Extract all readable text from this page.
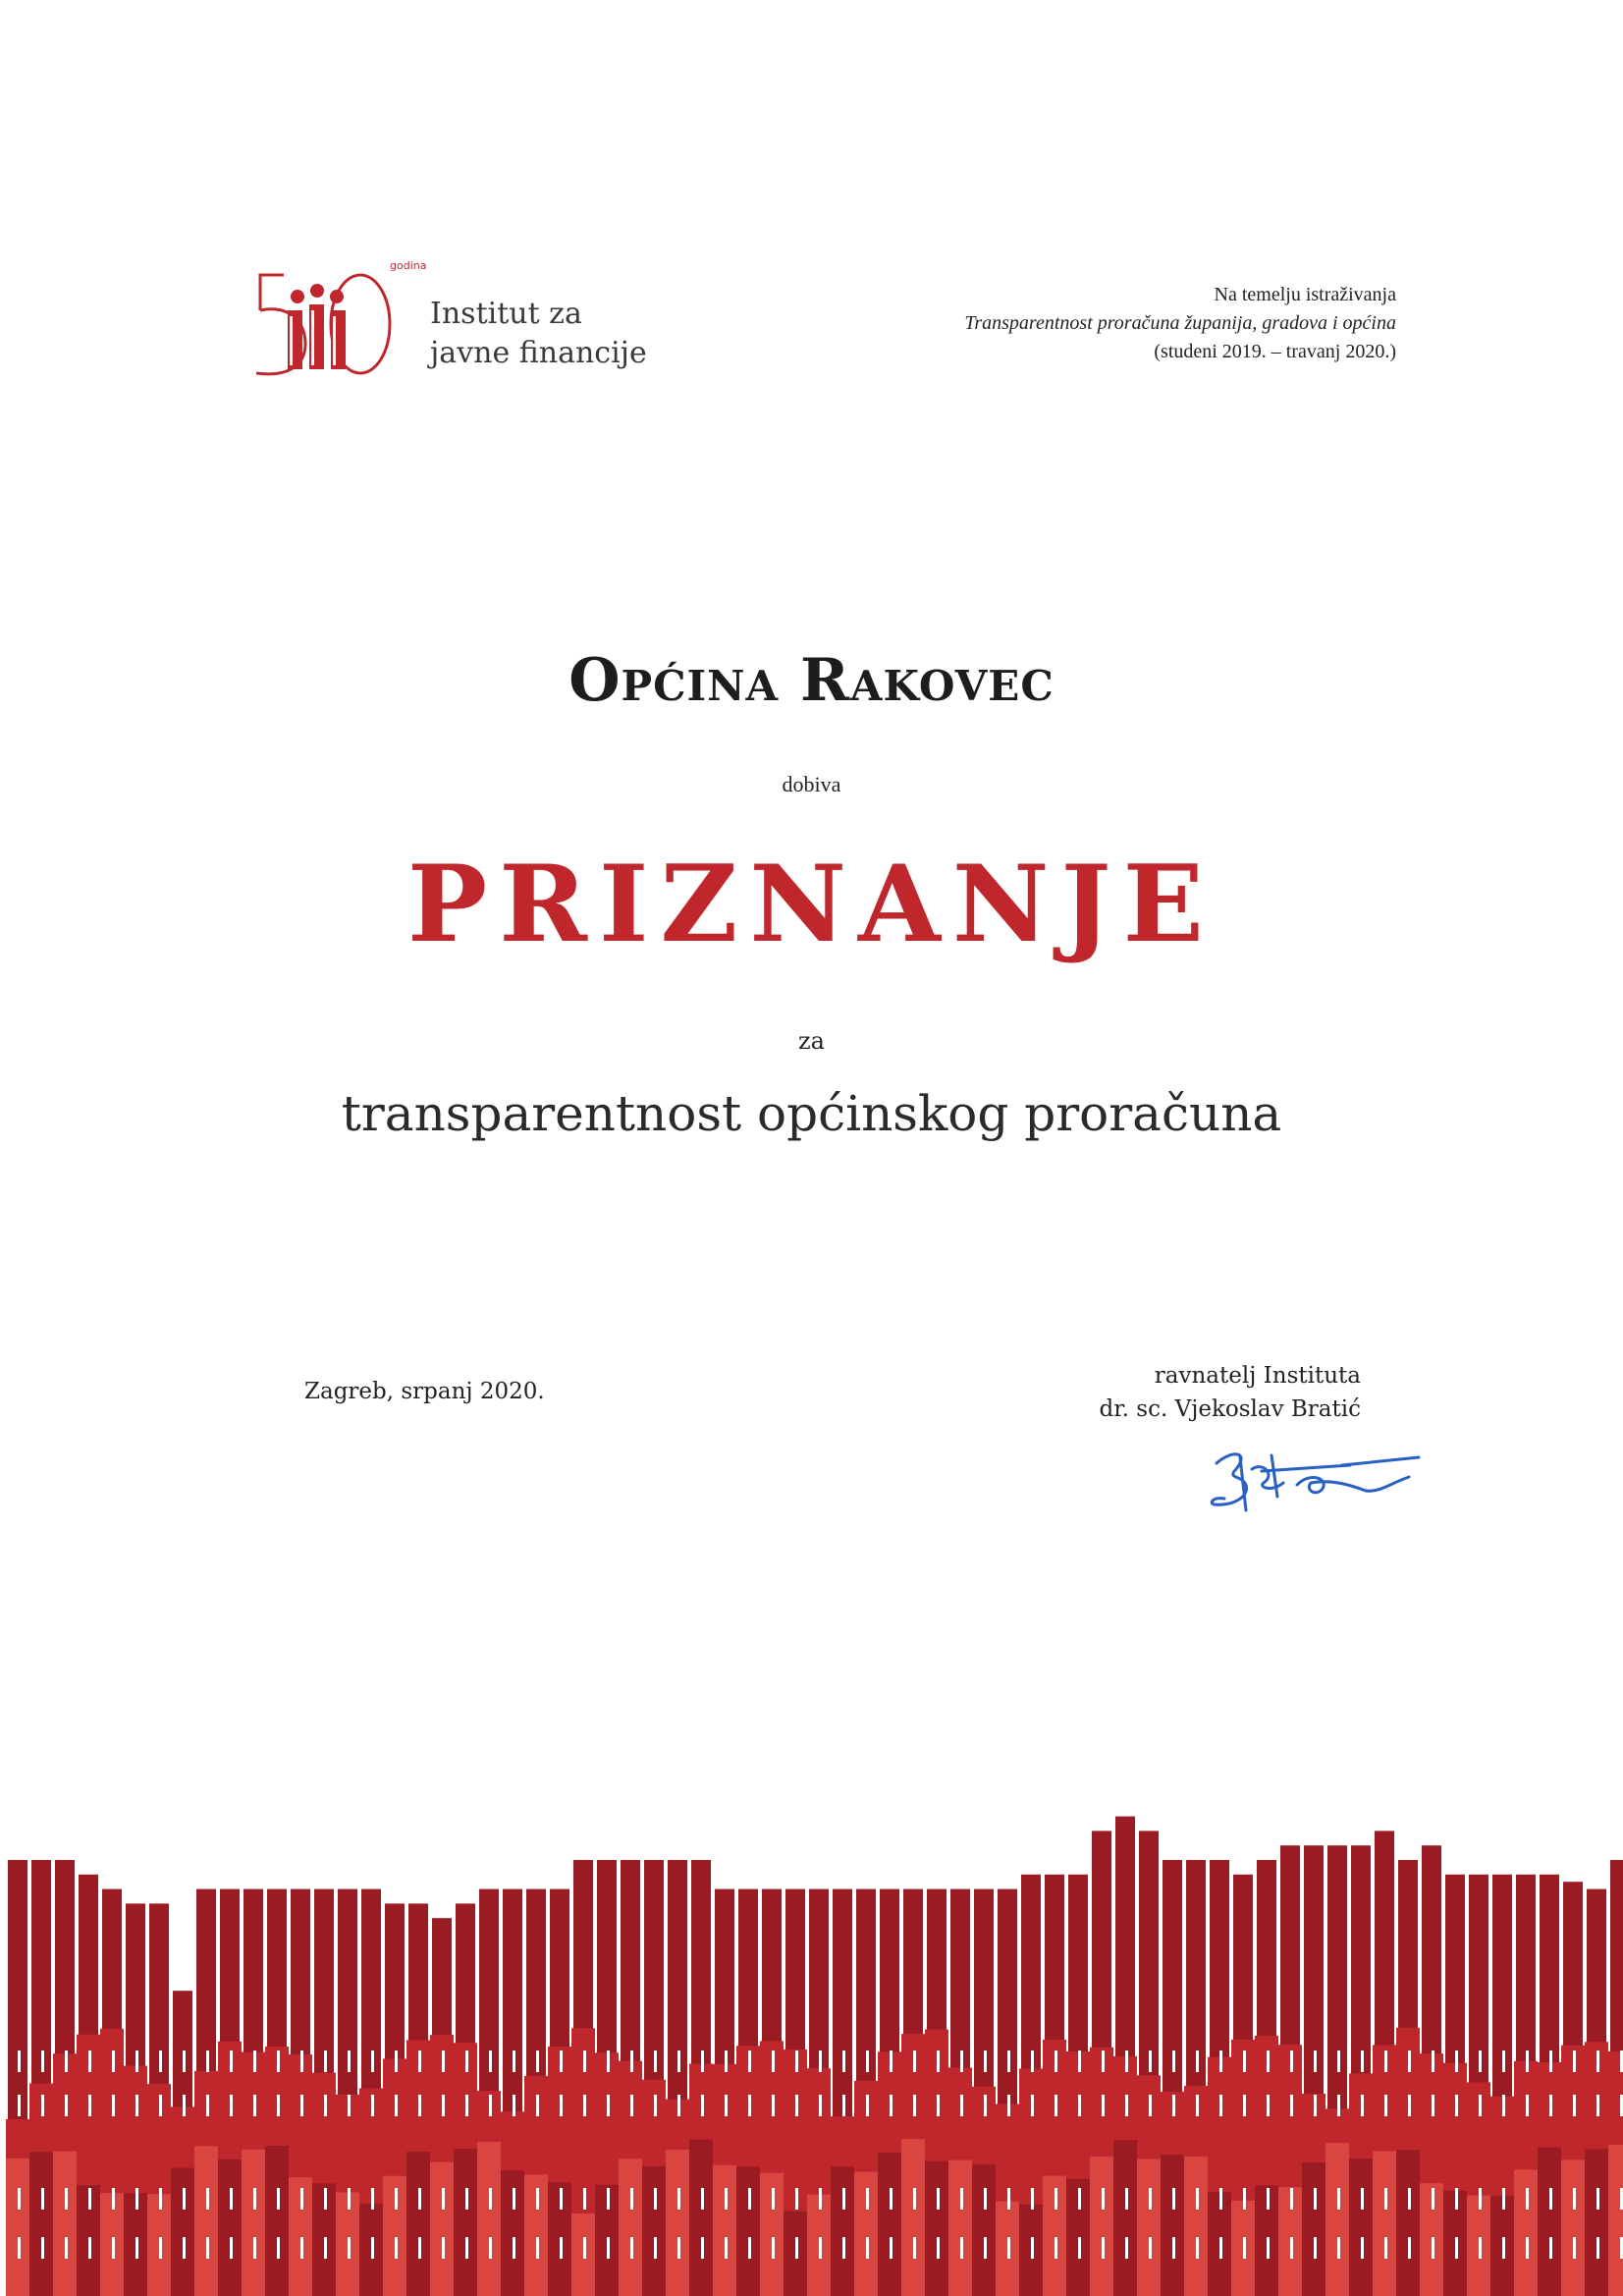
godina
Institut za
javne financije
Na temelju istraživanja
Transparentnost proračuna županija, gradova i općina
(studeni 2019. – travanj 2020.)
Općina Rakovec
dobiva
PRIZNANJE
za
transparentnost općinskog proračuna
Zagreb, srpanj 2020.
ravnatelj Instituta
dr. sc. Vjekoslav Bratić
